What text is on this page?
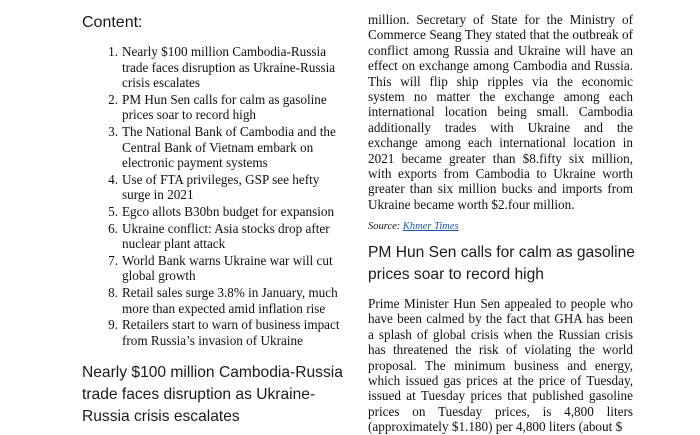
Content:
1. Nearly $100 million Cambodia-Russia trade faces disruption as Ukraine-Russia crisis escalates
2. PM Hun Sen calls for calm as gasoline prices soar to record high
3. The National Bank of Cambodia and the Central Bank of Vietnam embark on electronic payment systems
4. Use of FTA privileges, GSP see hefty surge in 2021
5. Egco allots B30bn budget for expansion
6. Ukraine conflict: Asia stocks drop after nuclear plant attack
7. World Bank warns Ukraine war will cut global growth
8. Retail sales surge 3.8% in January, much more than expected amid inflation rise
9. Retailers start to warn of business impact from Russia’s invasion of Ukraine
Nearly $100 million Cambodia-Russia trade faces disruption as Ukraine-Russia crisis escalates

million. Secretary of State for the Ministry of Commerce Seang They stated that the outbreak of conflict among Russia and Ukraine will have an effect on exchange among Cambodia and Russia. This will flip ship ripples via the economic system no matter the exchange among each international location being small. Cambodia additionally trades with Ukraine and the exchange among each international location in 2021 became greater than $8.fifty six million, with exports from Cambodia to Ukraine worth greater than six million bucks and imports from Ukraine became worth $2.four million.

Source: Khmer Times
PM Hun Sen calls for calm as gasoline prices soar to record high

Prime Minister Hun Sen appealed to people who have been calmed by the fact that GHA has been a splash of global crisis when the Russian crisis has threatened the risk of violating the world proposal. The minimum business and energy, which issued gas prices at the price of Tuesday, issued at Tuesday prices that published gasoline prices on Tuesday prices, is 4,800 liters (approximately $1.180) per 4,800 liters (about $
